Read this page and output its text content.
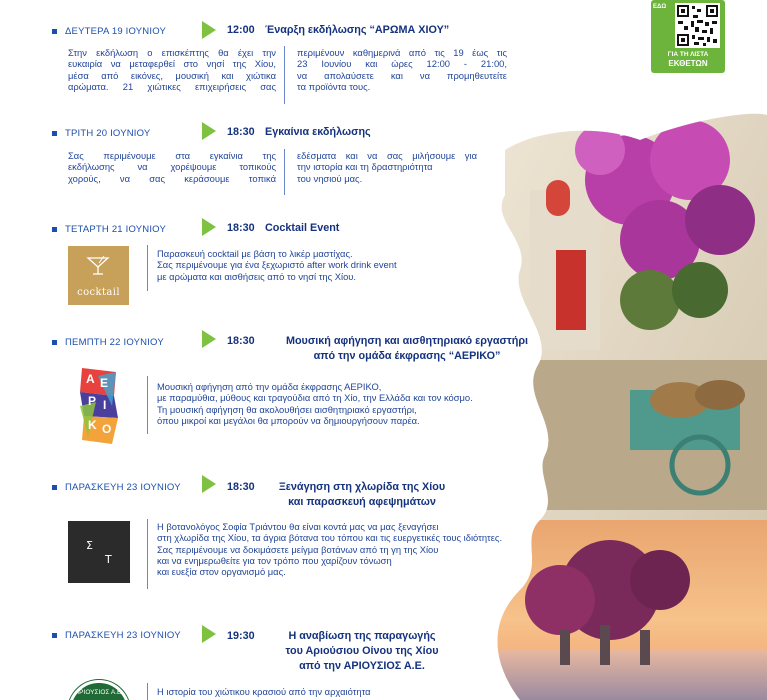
ΕΔΩ
ΓΙΑ ΤΗ ΛΙΣΤΑ
ΕΚΘΕΤΩΝ
ΔΕΥΤΕΡΑ 19 ΙΟΥΝΙΟΥ	12:00 Έναρξη εκδήλωσης “ΑΡΩΜΑ ΧΙΟΥ”
Στην εκδήλωση ο επισκέπτης θα έχει την
ευκαιρία να μεταφερθεί στο νησί της Χίου,
μέσα από εικόνες, μουσική και χιώτικα
αρώματα. 21 χιώτικες επιχειρήσεις σας
περιμένουν καθημερινά από τις 19 έως τις
23 Ιουνίου και ώρες 12:00 - 21:00,
να απολαύσετε και να προμηθευτείτε
τα προϊόντα τους.
ΤΡΙΤΗ 20 ΙΟΥΝΙΟΥ	18:30 Εγκαίνια εκδήλωσης
Σας περιμένουμε στα εγκαίνια της
εκδήλωσης να χορέψουμε τοπικούς
χορούς, να σας κεράσουμε τοπικά
εδέσματα και να σας μιλήσουμε για
την ιστορία και τη δραστηριότητα
του νησιού μας.
ΤΕΤΑΡΤΗ 21 ΙΟΥΝΙΟΥ	18:30 Cocktail Event
cocktail
Παρασκευή cocktail με βάση το λικέρ μαστίχας.
Σας περιμένουμε για ένα ξεχωριστό after work drink event
με αρώματα και αισθήσεις από το νησί της Χίου.
ΠΕΜΠΤΗ 22 ΙΟΥΝΙΟΥ	18:30	Μουσική αφήγηση και αισθητηριακό εργαστήρι
από την ομάδα έκφρασης “ΑΕΡΙΚΟ”
Α Ε
Ρ Ι
Κ Ο
Μουσική αφήγηση από την ομάδα έκφρασης ΑΕΡΙΚΟ,
με παραμύθια, μύθους και τραγούδια από τη Χίο, την Ελλάδα και τον κόσμο.
Τη μουσική αφήγηση θα ακολουθήσει αισθητηριακό εργαστήρι,
όπου μικροί και μεγάλοι θα μπορούν να δημιουργήσουν παρέα.
ΠΑΡΑΣΚΕΥΗ 23 ΙΟΥΝΙΟΥ	18:30	Ξενάγηση στη χλωρίδα της Χίου
και παρασκευή αφεψημάτων
Σ
Τ
Η βοτανολόγος Σοφία Τριάντου θα είναι κοντά μας να μας ξεναγήσει
στη χλωρίδα της Χίου, τα άγρια βότανα του τόπου και τις ευεργετικές τους ιδιότητες.
Σας περιμένουμε να δοκιμάσετε μείγμα βοτάνων από τη γη της Χίου
και να ενημερωθείτε για τον τρόπο που χαρίζουν τόνωση
και ευεξία στον οργανισμό μας.
ΠΑΡΑΣΚΕΥΗ 23 ΙΟΥΝΙΟΥ	19:30	Η αναβίωση της παραγωγής
του Αριούσιου Οίνου της Χίου
από την ΑΡΙΟΥΣΙΟΣ Α.Ε.
ΑΡΙΟΥΣΙΟΣ Α.Ε.	Η ιστορία του χιώτικου κρασιού από την αρχαιότητα
